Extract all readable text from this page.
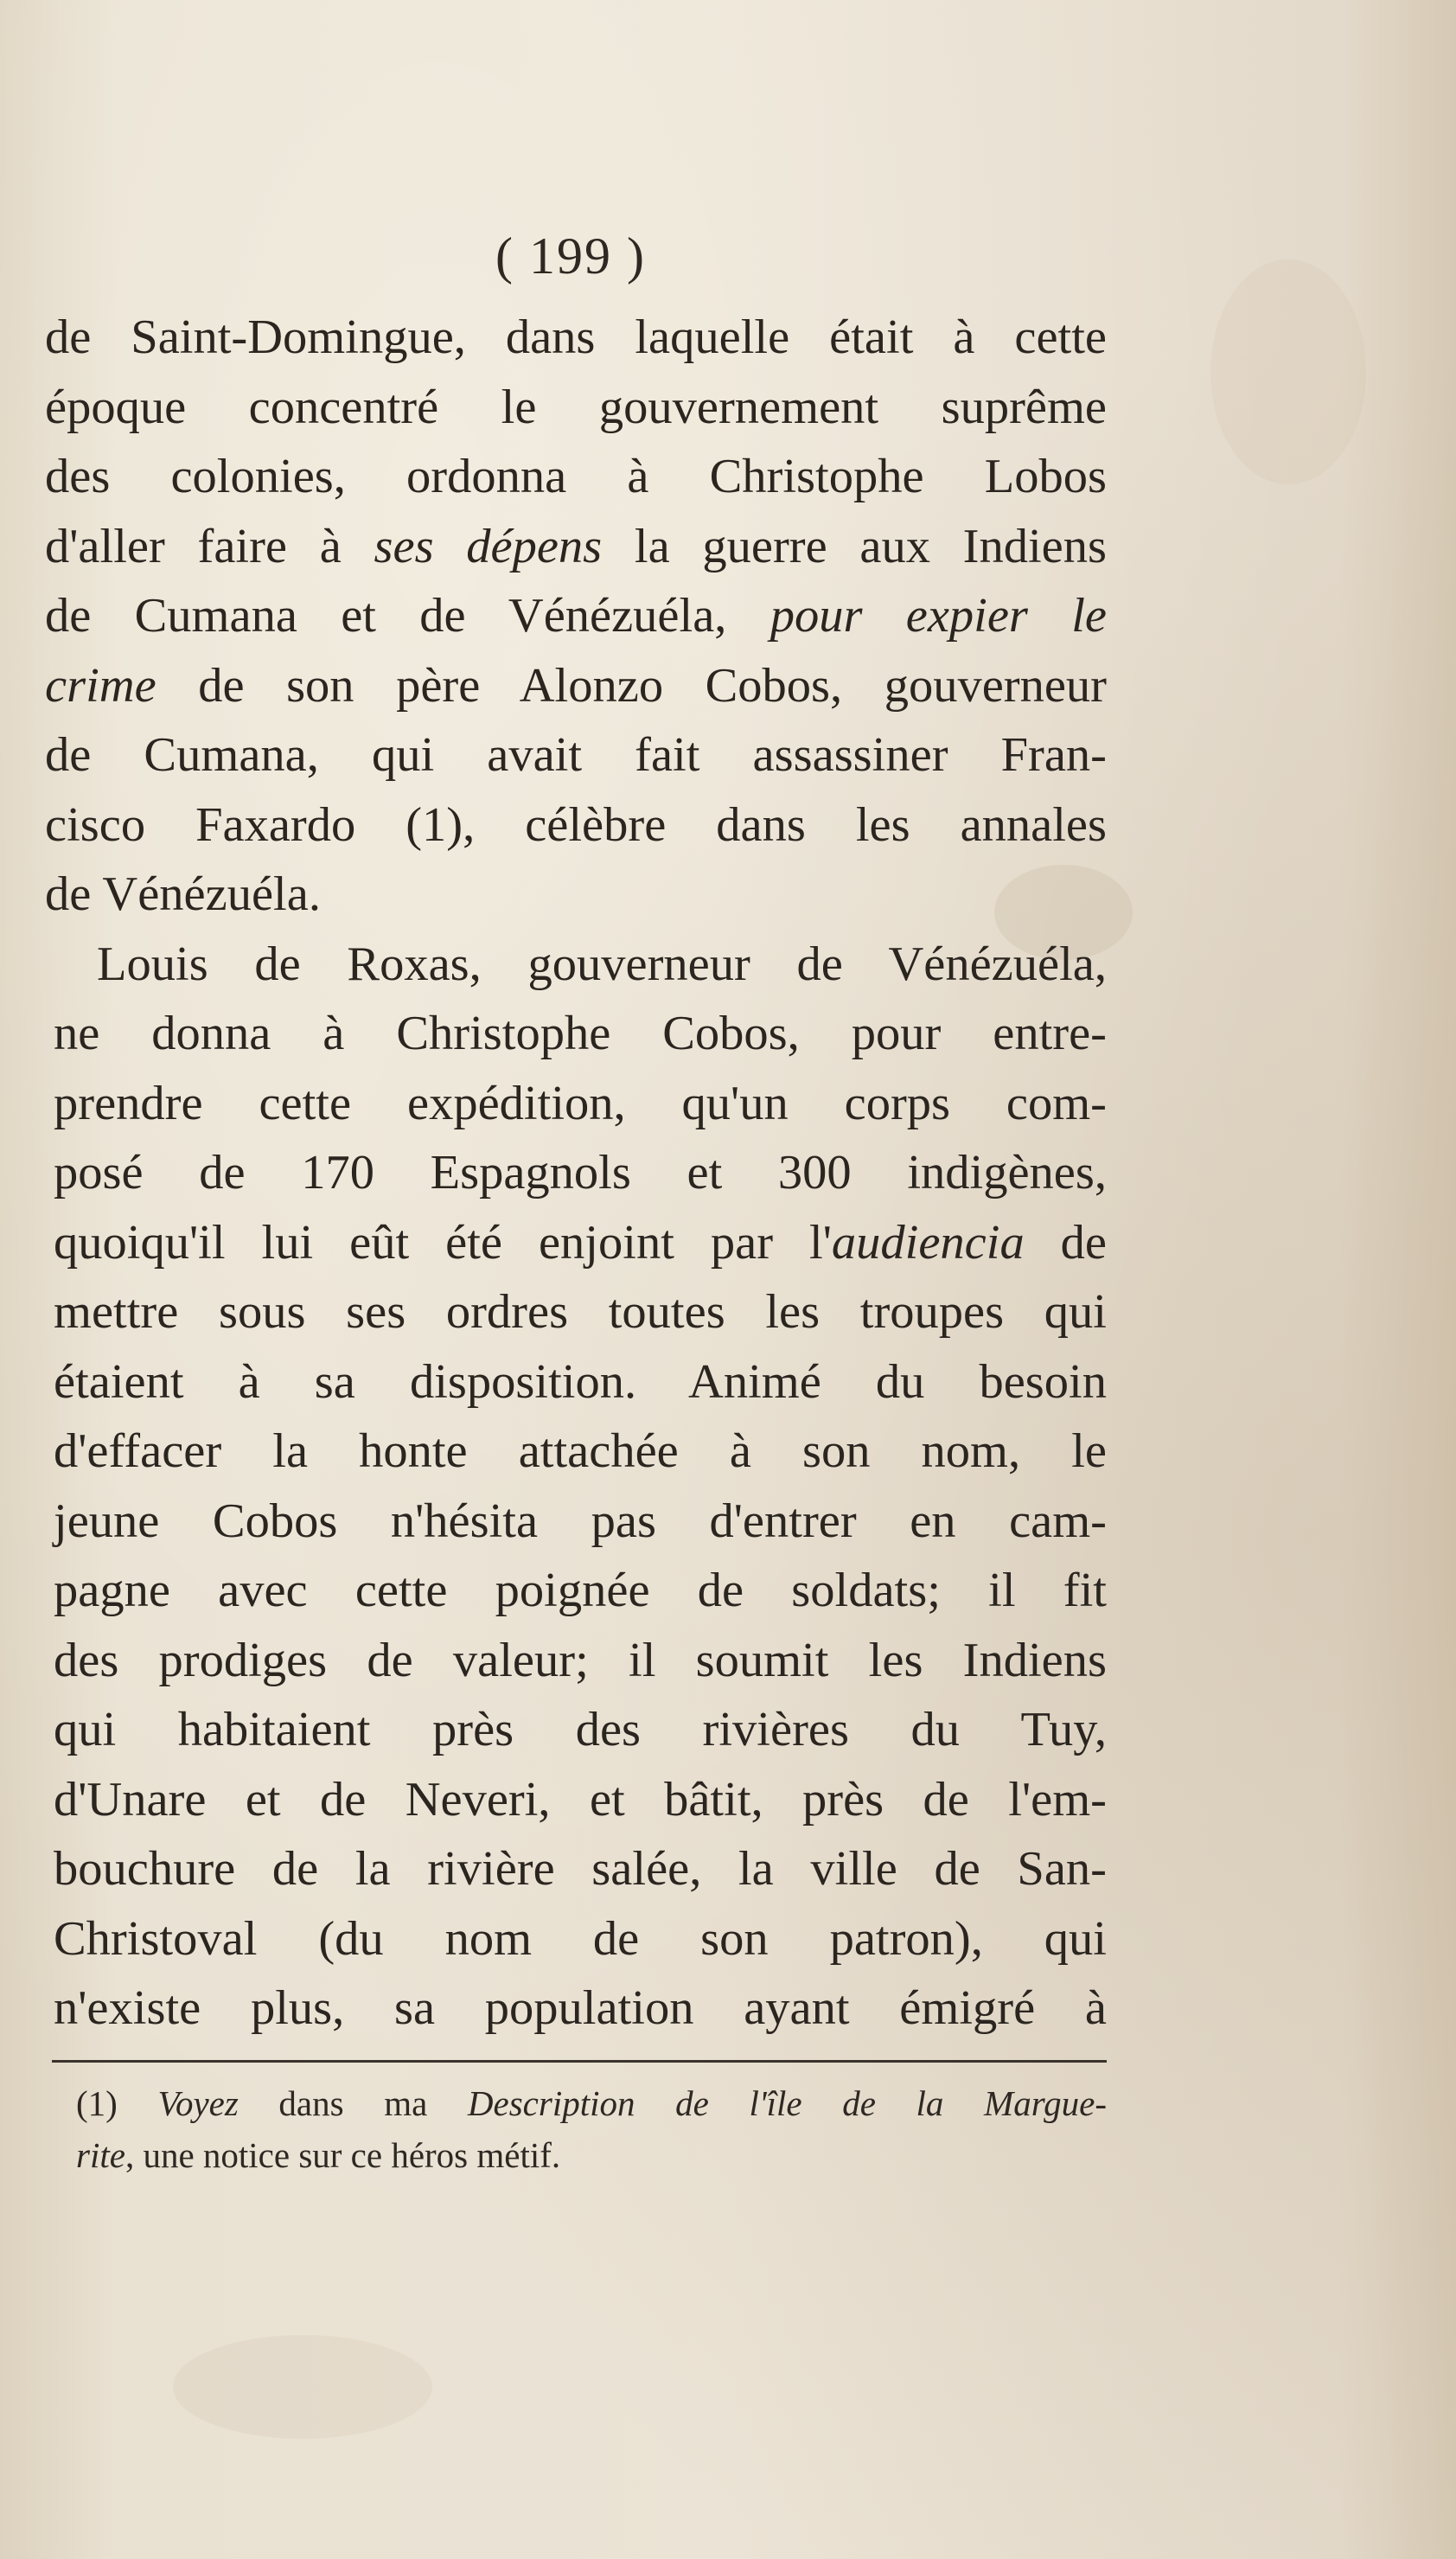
( 199 )
de Saint-Domingue, dans laquelle était à cette
époque concentré le gouvernement suprême
des colonies, ordonna à Christophe Lobos
d'aller faire à ses dépens la guerre aux Indiens
de Cumana et de Vénézuéla, pour expier le
crime de son père Alonzo Cobos, gouverneur
de Cumana, qui avait fait assassiner Fran-
cisco Faxardo (1), célèbre dans les annales
de Vénézuéla.
Louis de Roxas, gouverneur de Vénézuéla,
ne donna à Christophe Cobos, pour entre-
prendre cette expédition, qu'un corps com-
posé de 170 Espagnols et 300 indigènes,
quoiqu'il lui eût été enjoint par l'audiencia de
mettre sous ses ordres toutes les troupes qui
étaient à sa disposition. Animé du besoin
d'effacer la honte attachée à son nom, le
jeune Cobos n'hésita pas d'entrer en cam-
pagne avec cette poignée de soldats; il fit
des prodiges de valeur; il soumit les Indiens
qui habitaient près des rivières du Tuy,
d'Unare et de Neveri, et bâtit, près de l'em-
bouchure de la rivière salée, la ville de San-
Christoval (du nom de son patron), qui
n'existe plus, sa population ayant émigré à
(1) Voyez dans ma Description de l'île de la Margue-
rite, une notice sur ce héros métif.
